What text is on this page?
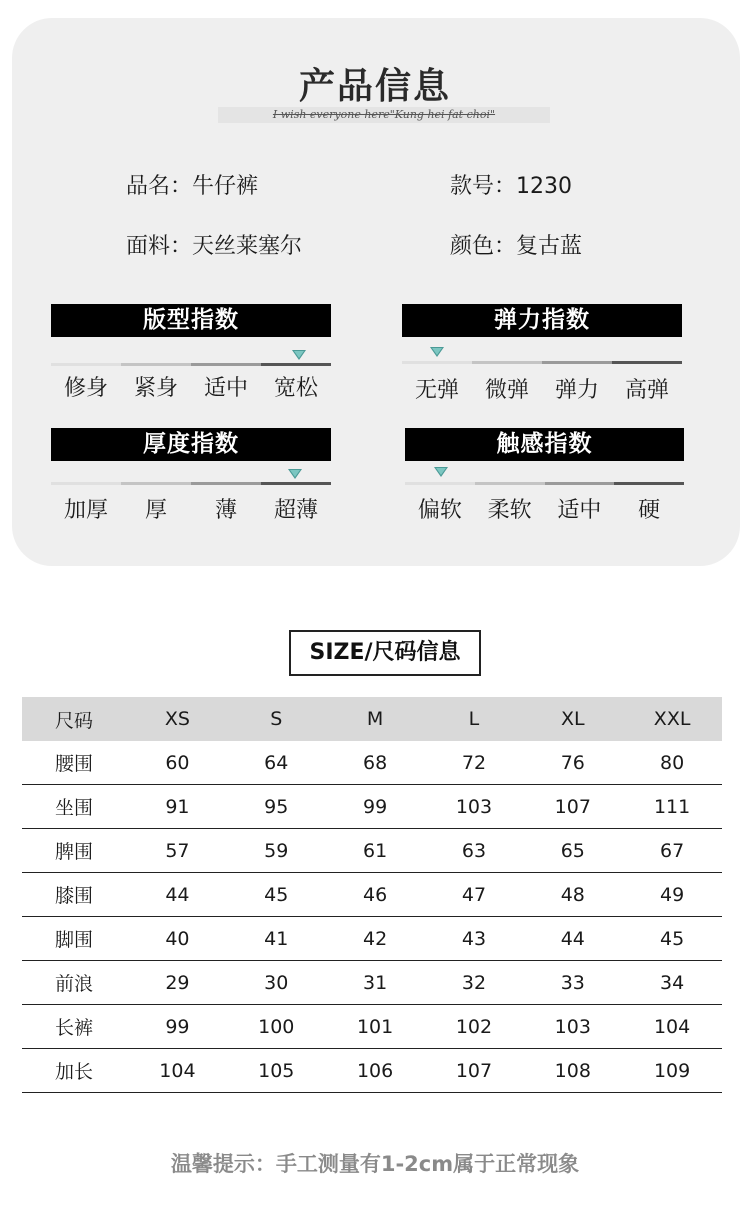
产品信息
I wish everyone here"Kung hei fat choi"
品名：牛仔裤	款号：1230
面料：天丝莱塞尔	颜色：复古蓝
版型指数
修身	紧身	适中	宽松
弹力指数
无弹	微弹	弹力	高弹
厚度指数
加厚	厚	薄	超薄
触感指数
偏软	柔软	适中	硬
SIZE/尺码信息
尺码	XS	S	M	L	XL	XXL
腰围	60	64	68	72	76	80
坐围	91	95	99	103	107	111
脾围	57	59	61	63	65	67
膝围	44	45	46	47	48	49
脚围	40	41	42	43	44	45
前浪	29	30	31	32	33	34
长裤	99	100	101	102	103	104
加长	104	105	106	107	108	109
温馨提示：手工测量有1-2cm属于正常现象
